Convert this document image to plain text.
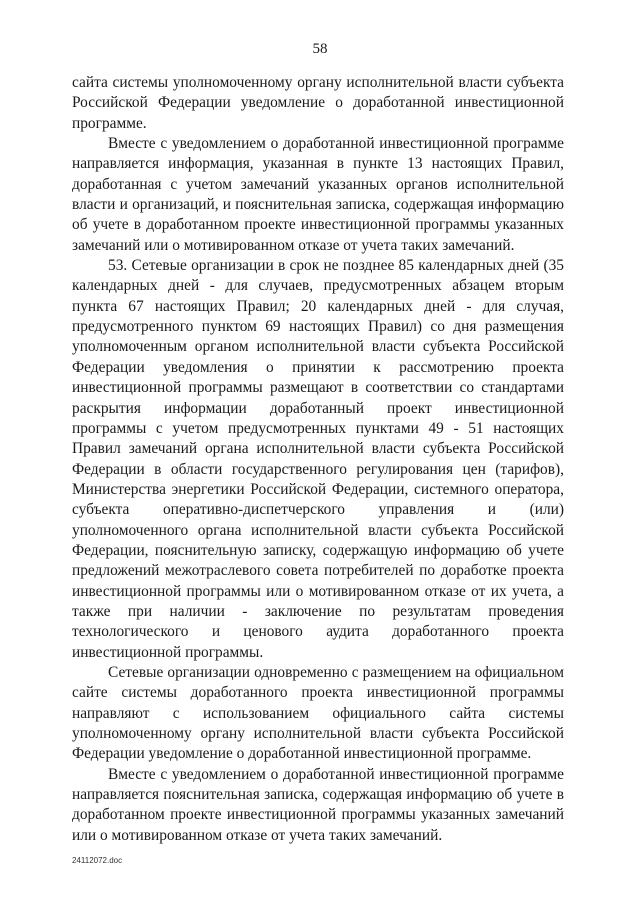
58

сайта системы уполномоченному органу исполнительной власти субъекта Российской Федерации уведомление о доработанной инвестиционной программе.

Вместе с уведомлением о доработанной инвестиционной программе направляется информация, указанная в пункте 13 настоящих Правил, доработанная с учетом замечаний указанных органов исполнительной власти и организаций, и пояснительная записка, содержащая информацию об учете в доработанном проекте инвестиционной программы указанных замечаний или о мотивированном отказе от учета таких замечаний.

53. Сетевые организации в срок не позднее 85 календарных дней (35 календарных дней - для случаев, предусмотренных абзацем вторым пункта 67 настоящих Правил; 20 календарных дней - для случая, предусмотренного пунктом 69 настоящих Правил) со дня размещения уполномоченным органом исполнительной власти субъекта Российской Федерации уведомления о принятии к рассмотрению проекта инвестиционной программы размещают в соответствии со стандартами раскрытия информации доработанный проект инвестиционной программы с учетом предусмотренных пунктами 49 - 51 настоящих Правил замечаний органа исполнительной власти субъекта Российской Федерации в области государственного регулирования цен (тарифов), Министерства энергетики Российской Федерации, системного оператора, субъекта оперативно-диспетчерского управления и (или) уполномоченного органа исполнительной власти субъекта Российской Федерации, пояснительную записку, содержащую информацию об учете предложений межотраслевого совета потребителей по доработке проекта инвестиционной программы или о мотивированном отказе от их учета, а также при наличии - заключение по результатам проведения технологического и ценового аудита доработанного проекта инвестиционной программы.

Сетевые организации одновременно с размещением на официальном сайте системы доработанного проекта инвестиционной программы направляют с использованием официального сайта системы уполномоченному органу исполнительной власти субъекта Российской Федерации уведомление о доработанной инвестиционной программе.

Вместе с уведомлением о доработанной инвестиционной программе направляется пояснительная записка, содержащая информацию об учете в доработанном проекте инвестиционной программы указанных замечаний или о мотивированном отказе от учета таких замечаний.

24112072.doc
